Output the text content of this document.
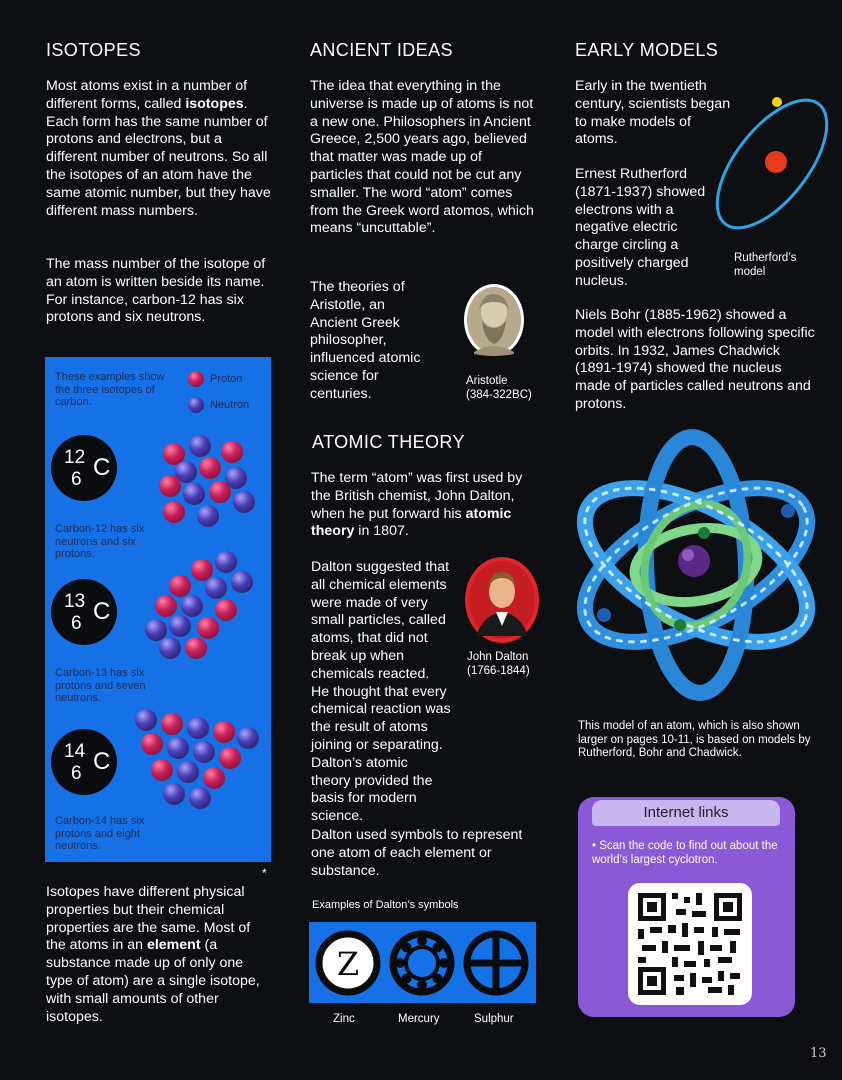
ISOTOPES
Most atoms exist in a number of different forms, called isotopes. Each form has the same number of protons and electrons, but a different number of neutrons. So all the isotopes of an atom have the same atomic number, but they have different mass numbers.
The mass number of the isotope of an atom is written beside its name. For instance, carbon-12 has six protons and six neutrons.
These examples show the three isotopes of carbon.
Proton
Neutron
12
6 C
Carbon-12 has six neutrons and six protons.
13
6 C
Carbon-13 has six protons and seven neutrons.
14
6 C
Carbon-14 has six protons and eight neutrons.
*
Isotopes have different physical properties but their chemical properties are the same. Most of the atoms in an element (a substance made up of only one type of atom) are a single isotope, with small amounts of other isotopes.
ANCIENT IDEAS
The idea that everything in the universe is made up of atoms is not a new one. Philosophers in Ancient Greece, 2,500 years ago, believed that matter was made up of particles that could not be cut any smaller. The word “atom” comes from the Greek word atomos, which means “uncuttable”.
The theories of Aristotle, an Ancient Greek philosopher, influenced atomic science for centuries.
Aristotle
(384-322BC)
ATOMIC THEORY
The term “atom” was first used by the British chemist, John Dalton, when he put forward his atomic theory in 1807.
Dalton suggested that all chemical elements were made of very small particles, called atoms, that did not break up when chemicals reacted. He thought that every chemical reaction was the result of atoms joining or separating. Dalton’s atomic theory provided the basis for modern science.
John Dalton
(1766-1844)
Dalton used symbols to represent one atom of each element or substance.
Examples of Dalton’s symbols
Z
Zinc	Mercury	Sulphur
EARLY MODELS
Early in the twentieth century, scientists began to make models of atoms.
Ernest Rutherford (1871-1937) showed electrons with a negative electric charge circling a positively charged nucleus.
Rutherford’s model
Niels Bohr (1885-1962) showed a model with electrons following specific orbits. In 1932, James Chadwick (1891-1974) showed the nucleus made of particles called neutrons and protons.
This model of an atom, which is also shown larger on pages 10-11, is based on models by Rutherford, Bohr and Chadwick.
Internet links
• Scan the code to find out about the world’s largest cyclotron.
13
